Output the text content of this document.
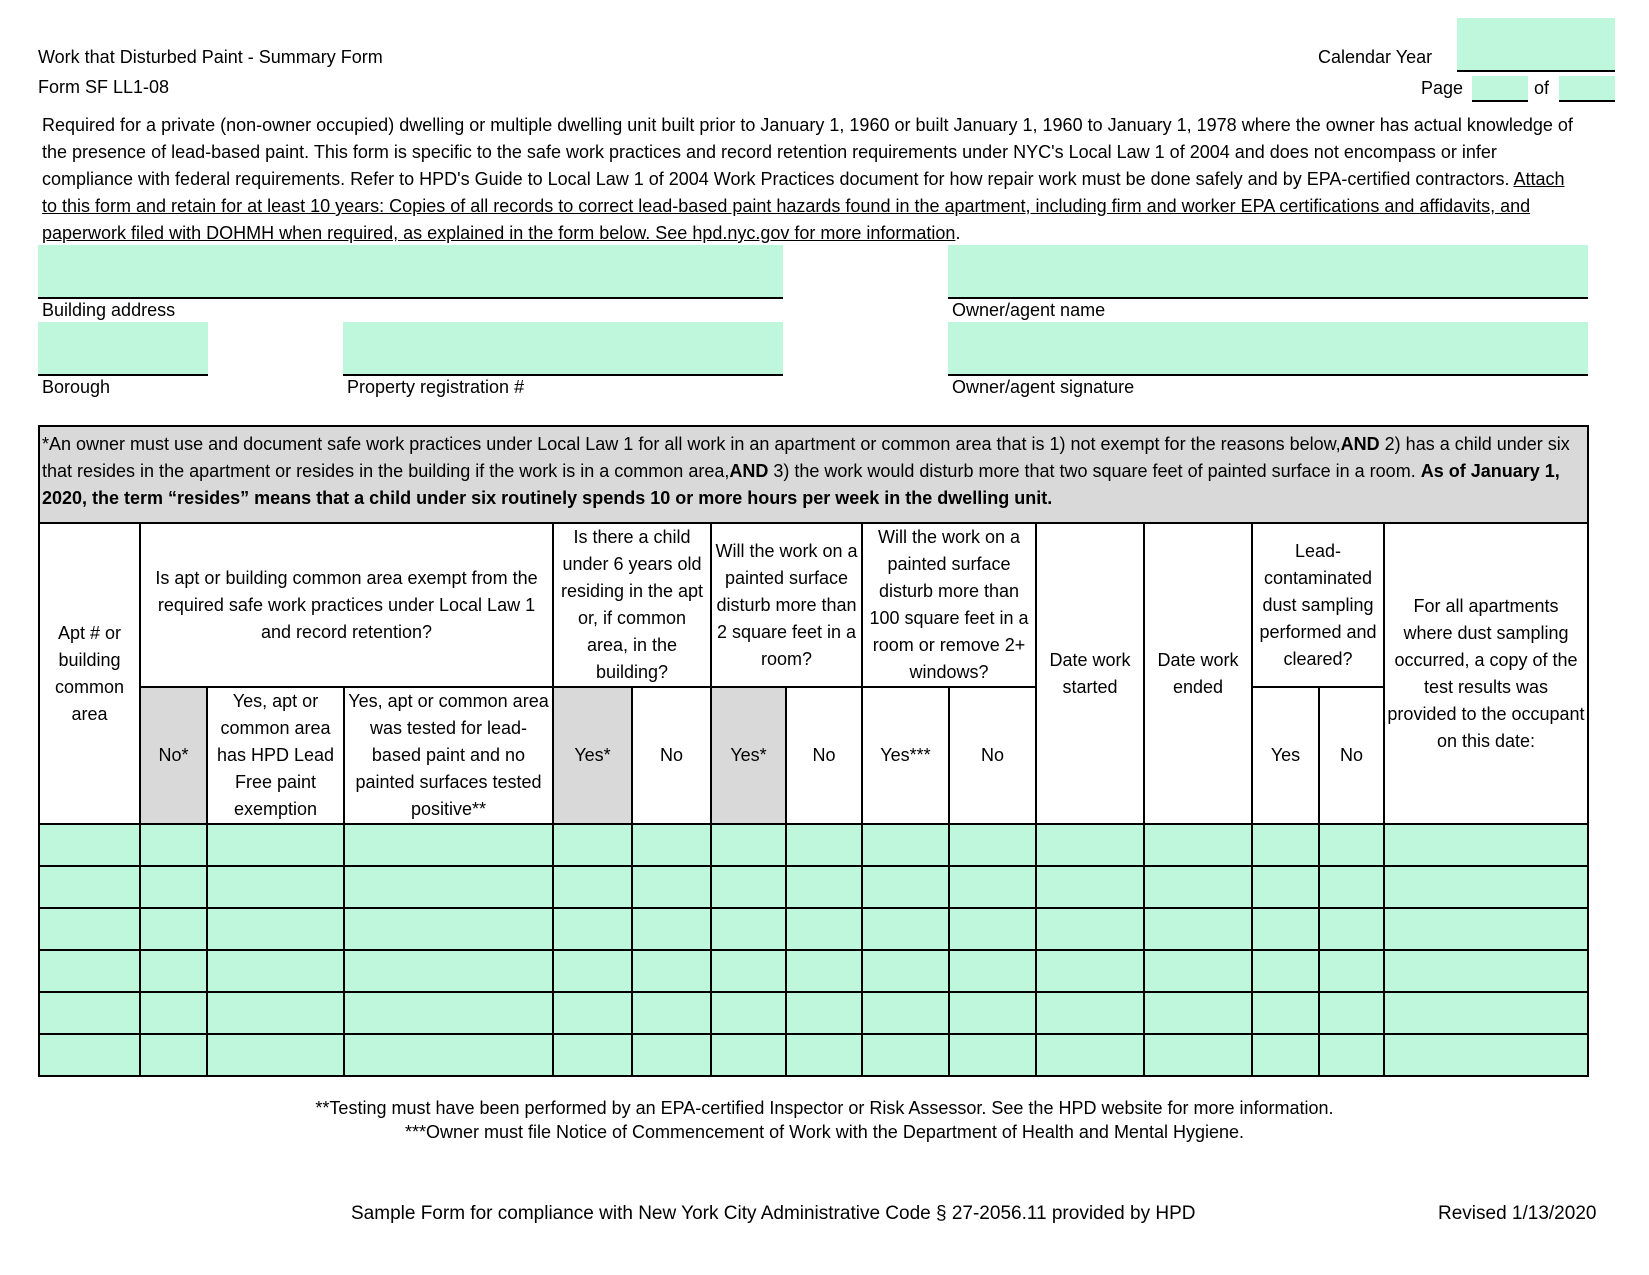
Work that Disturbed Paint - Summary Form
Form SF LL1-08
Calendar Year
Page	of
Required for a private (non-owner occupied) dwelling or multiple dwelling unit built prior to January 1, 1960 or built January 1, 1960 to January 1, 1978 where the owner has actual knowledge of the presence of lead-based paint. This form is specific to the safe work practices and record retention requirements under NYC's Local Law 1 of 2004 and does not encompass or infer compliance with federal requirements. Refer to HPD's Guide to Local Law 1 of 2004 Work Practices document for how repair work must be done safely and by EPA-certified contractors. Attach to this form and retain for at least 10 years: Copies of all records to correct lead-based paint hazards found in the apartment, including firm and worker EPA certifications and affidavits, and paperwork filed with DOHMH when required, as explained in the form below. See hpd.nyc.gov for more information.
Building address	Owner/agent name
Borough	Property registration #	Owner/agent signature
*An owner must use and document safe work practices under Local Law 1 for all work in an apartment or common area that is 1) not exempt for the reasons below,AND 2) has a child under six that resides in the apartment or resides in the building if the work is in a common area,AND 3) the work would disturb more that two square feet of painted surface in a room. As of January 1, 2020, the term “resides” means that a child under six routinely spends 10 or more hours per week in the dwelling unit.														
Apt # or building common area	Is apt or building common area exempt from the required safe work practices under Local Law 1 and record retention?			Is there a child under 6 years old residing in the apt or, if common area, in the building?		Will the work on a painted surface disturb more than 2 square feet in a room?		Will the work on a painted surface disturb more than 100 square feet in a room or remove 2+ windows?		Date work started	Date work ended	Lead-contaminated dust sampling performed and cleared?		For all apartments where dust sampling occurred, a copy of the test results was provided to the occupant on this date:
	No*	Yes, apt or common area has HPD Lead Free paint exemption	Yes, apt or common area was tested for lead-based paint and no painted surfaces tested positive**	Yes*	No	Yes*	No	Yes***	No			Yes	No	

**Testing must have been performed by an EPA-certified Inspector or Risk Assessor. See the HPD website for more information.
***Owner must file Notice of Commencement of Work with the Department of Health and Mental Hygiene.
Sample Form for compliance with New York City Administrative Code § 27-2056.11 provided by HPD	Revised 1/13/2020
